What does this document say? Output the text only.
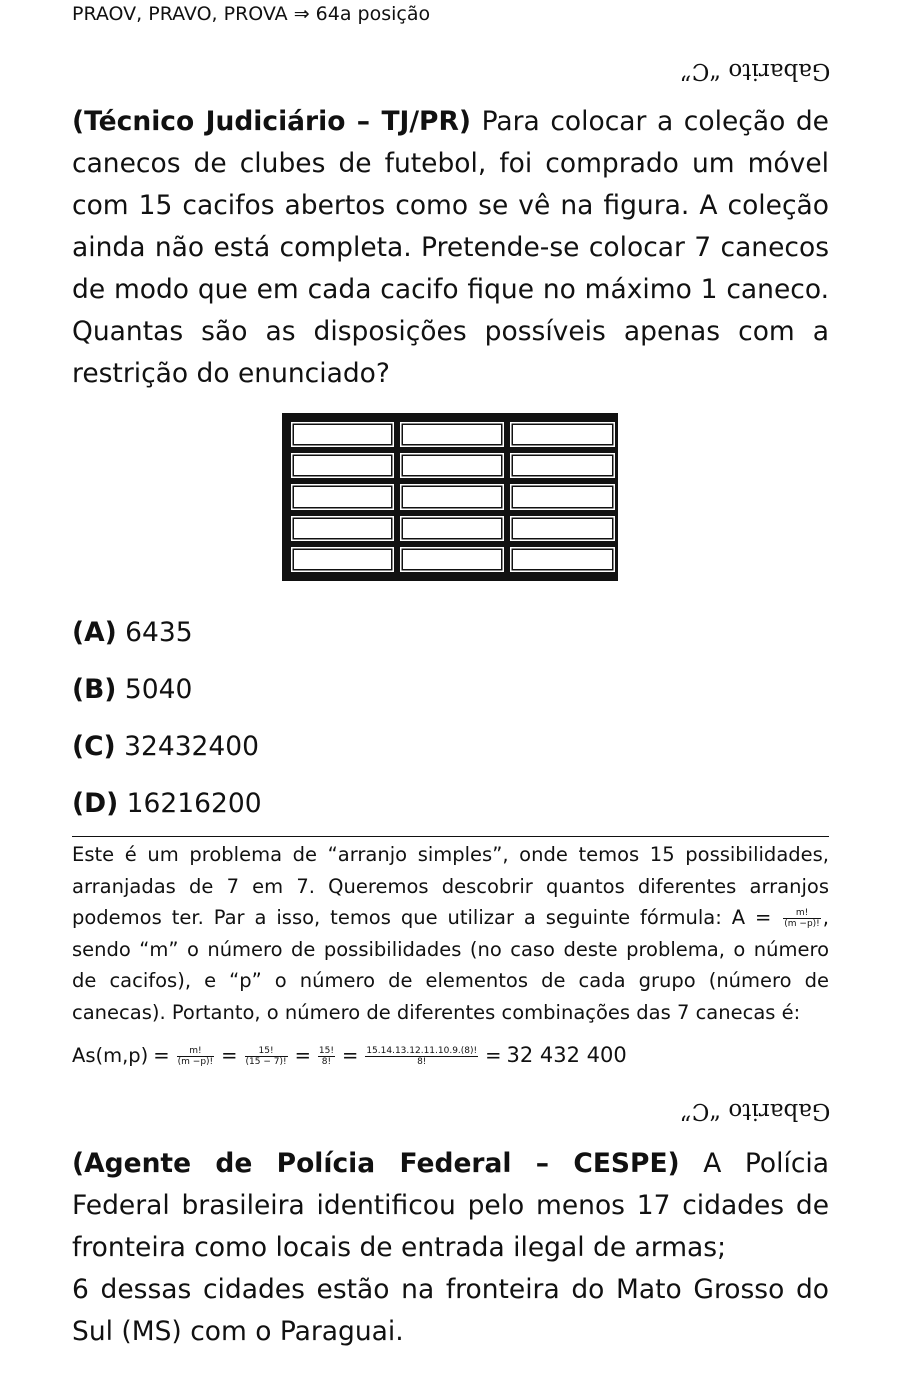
PRAOV, PRAVO, PROVA ⇒ 64a posição
Gabarito “C”
(Técnico Judiciário – TJ/PR) Para colocar a coleção de canecos de clubes de futebol, foi comprado um móvel com 15 cacifos abertos como se vê na figura. A coleção ainda não está completa. Pretende-se colocar 7 canecos de modo que em cada cacifo fique no máximo 1 caneco. Quantas são as disposições possíveis apenas com a restrição do enunciado?
(A) 6435
(B) 5040
(C) 32432400
(D) 16216200
Este é um problema de “arranjo simples”, onde temos 15 possibilidades, arranjadas de 7 em 7. Queremos descobrir quantos diferentes arranjos podemos ter. Par a isso, temos que utilizar a seguinte fórmula: $A = \frac{m!}{(m -p)!}$ , sendo “m” o número de possibilidades (no caso deste problema, o número de cacifos), e “p” o número de elementos de cada grupo (número de canecas). Portanto, o número de diferentes combinações das 7 canecas é:
$As(m,p) = \frac{m!}{(m -p)!} = \frac{15!}{(15 - 7)!} = \frac{15!}{8!} = \frac{15.14.13.12.11.10.9.(8)!}{8!} = 32$ 432 400
Gabarito “C”
(Agente de Polícia Federal – CESPE) A Polícia Federal brasileira identificou pelo menos 17 cidades de fronteira como locais de entrada ilegal de armas;
6 dessas cidades estão na fronteira do Mato Grosso do Sul (MS) com o Paraguai.
